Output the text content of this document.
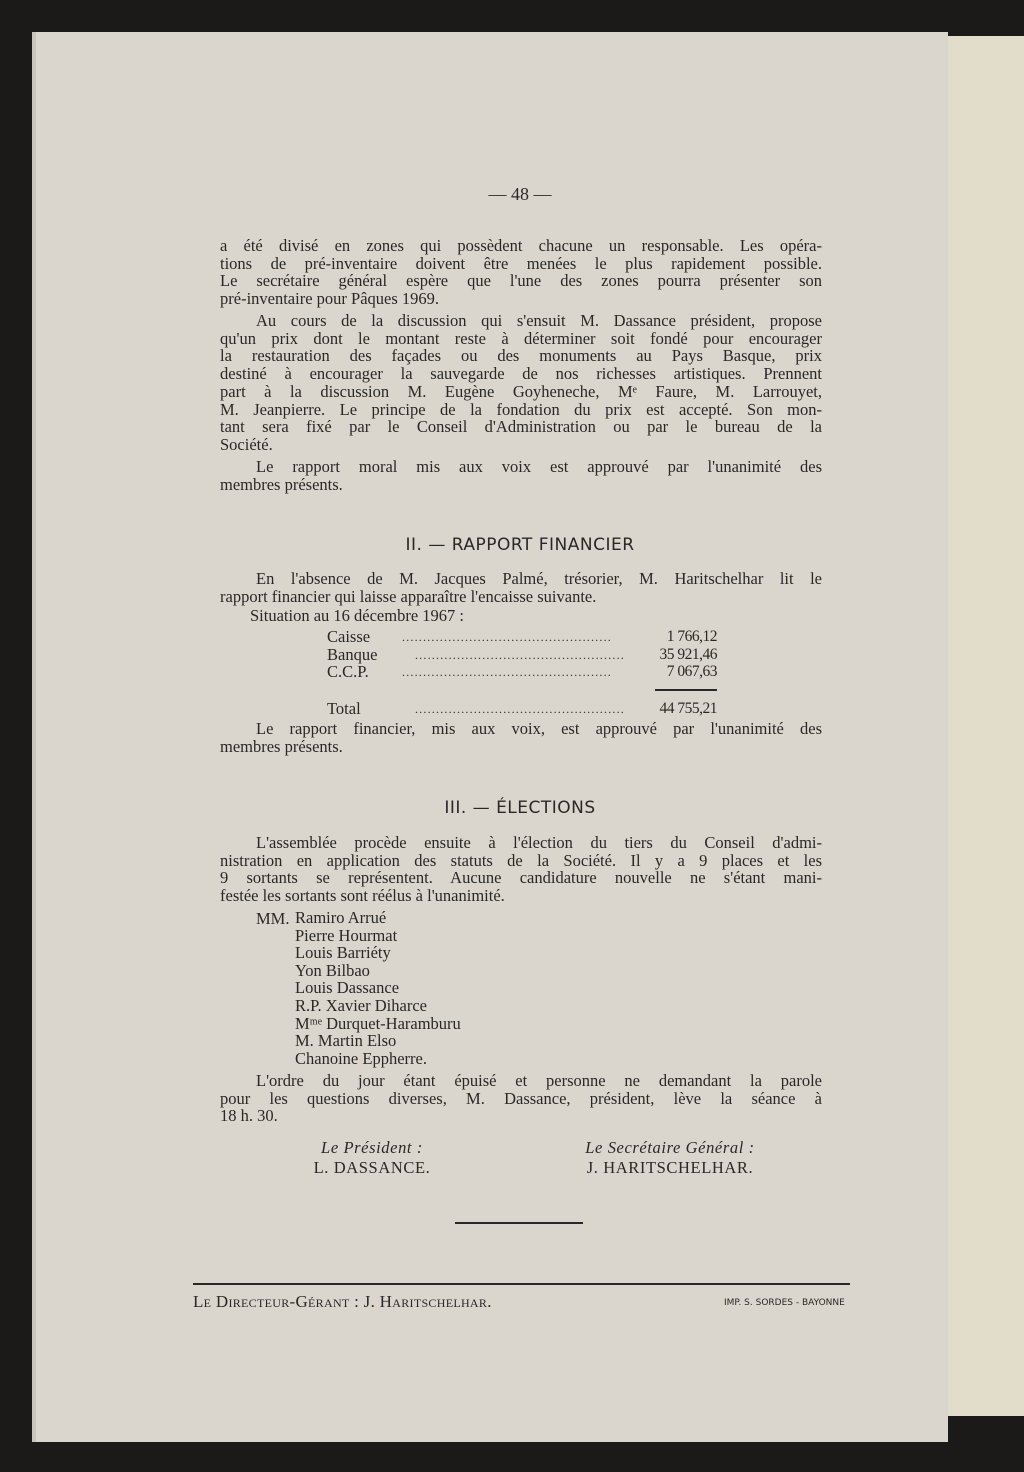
— 48 —
a été divisé en zones qui possèdent chacune un responsable. Les opéra-
tions de pré-inventaire doivent être menées le plus rapidement possible.
Le secrétaire général espère que l'une des zones pourra présenter son
pré-inventaire pour Pâques 1969.
Au cours de la discussion qui s'ensuit M. Dassance président, propose
qu'un prix dont le montant reste à déterminer soit fondé pour encourager
la restauration des façades ou des monuments au Pays Basque, prix
destiné à encourager la sauvegarde de nos richesses artistiques. Prennent
part à la discussion M. Eugène Goyheneche, Mᵉ Faure, M. Larrouyet,
M. Jeanpierre. Le principe de la fondation du prix est accepté. Son mon-
tant sera fixé par le Conseil d'Administration ou par le bureau de la
Société.
Le rapport moral mis aux voix est approuvé par l'unanimité des
membres présents.
II. — RAPPORT FINANCIER
En l'absence de M. Jacques Palmé, trésorier, M. Haritschelhar lit le
rapport financier qui laisse apparaître l'encaisse suivante.
Situation au 16 décembre 1967 :
Caisse	..................................................	1 766,12
Banque	..................................................	35 921,46
C.C.P.	..................................................	7 067,63
Total	..................................................	44 755,21
Le rapport financier, mis aux voix, est approuvé par l'unanimité des
membres présents.
III. — ÉLECTIONS
L'assemblée procède ensuite à l'élection du tiers du Conseil d'admi-
nistration en application des statuts de la Société. Il y a 9 places et les
9 sortants se représentent. Aucune candidature nouvelle ne s'étant mani-
festée les sortants sont réélus à l'unanimité.
MM. Ramiro Arrué
Pierre Hourmat
Louis Barriéty
Yon Bilbao
Louis Dassance
R.P. Xavier Diharce
Mᵐᵉ Durquet-Haramburu
M. Martin Elso
Chanoine Eppherre.
L'ordre du jour étant épuisé et personne ne demandant la parole
pour les questions diverses, M. Dassance, président, lève la séance à
18 h. 30.
Le Président :
L. DASSANCE.
Le Secrétaire Général :
J. HARITSCHELHAR.
Le Directeur-Gérant : J. Haritschelhar.	IMP. S. SORDES - BAYONNE
